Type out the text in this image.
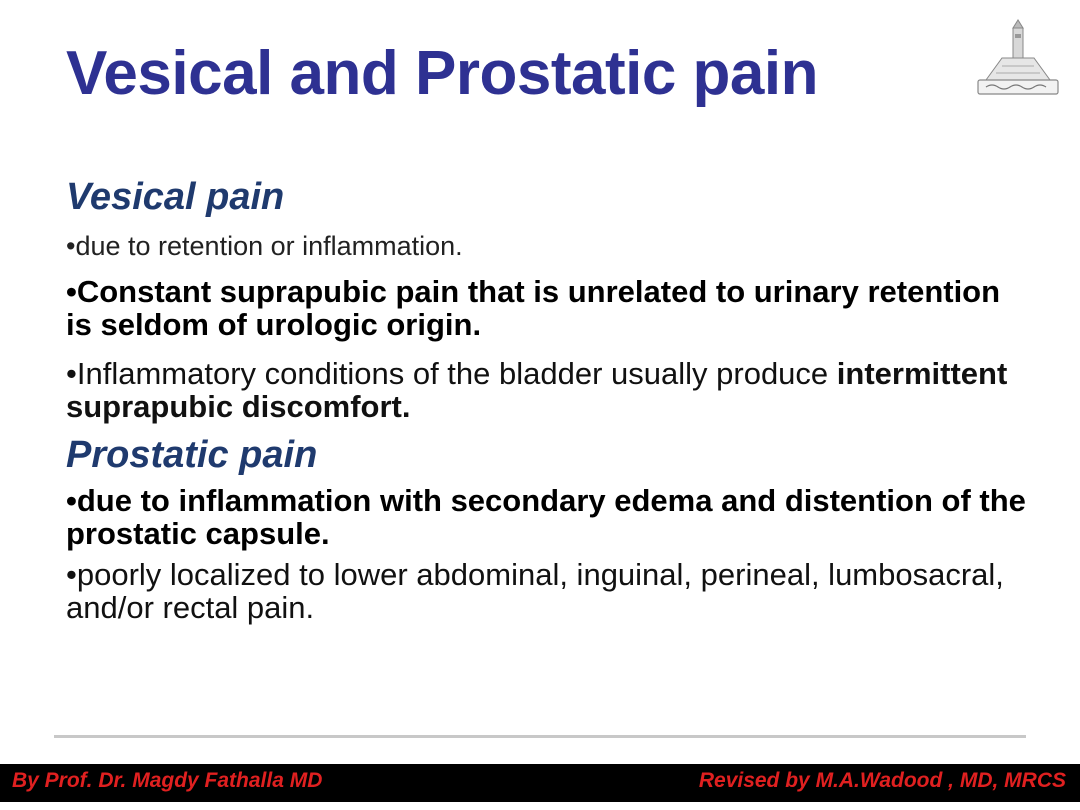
Vesical and Prostatic pain
Vesical pain

•due to retention or inflammation.

•Constant suprapubic pain that is unrelated to urinary retention is seldom of urologic origin.

•Inflammatory conditions of the bladder usually produce intermittent suprapubic discomfort.

Prostatic pain

•due to inflammation with secondary edema and distention of the prostatic capsule.

•poorly localized to lower abdominal, inguinal, perineal, lumbosacral, and/or rectal pain.

By Prof. Dr. Magdy Fathalla MD	Revised by M.A.Wadood , MD, MRCS
